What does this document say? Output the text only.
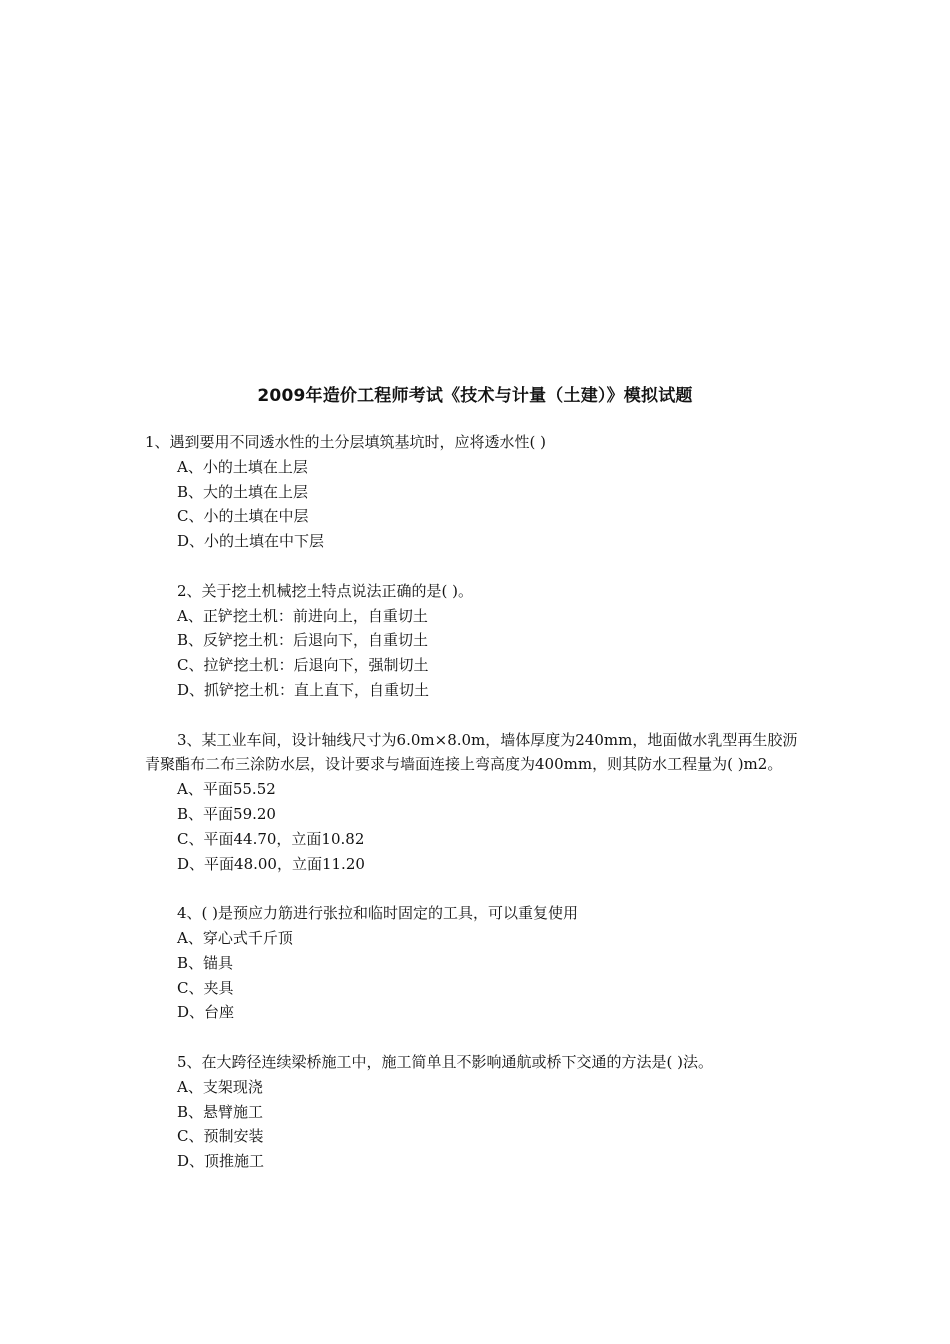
2009年造价工程师考试《技术与计量（土建）》模拟试题

1、遇到要用不同透水性的土分层填筑基坑时，应将透水性( )

A、小的土填在上层

B、大的土填在上层

C、小的土填在中层

D、小的土填在中下层

2、关于挖土机械挖土特点说法正确的是( )。

A、正铲挖土机：前进向上，自重切土

B、反铲挖土机：后退向下，自重切土

C、拉铲挖土机：后退向下，强制切土

D、抓铲挖土机：直上直下，自重切土

3、某工业车间，设计轴线尺寸为6.0m×8.0m，墙体厚度为240mm，地面做水乳型再生胶沥青聚酯布二布三涂防水层，设计要求与墙面连接上弯高度为400mm，则其防水工程量为( )m2。

A、平面55.52

B、平面59.20

C、平面44.70，立面10.82

D、平面48.00，立面11.20

4、( )是预应力筋进行张拉和临时固定的工具，可以重复使用

A、穿心式千斤顶

B、锚具

C、夹具

D、台座

5、在大跨径连续梁桥施工中，施工简单且不影响通航或桥下交通的方法是( )法。

A、支架现浇

B、悬臂施工

C、预制安装

D、顶推施工
